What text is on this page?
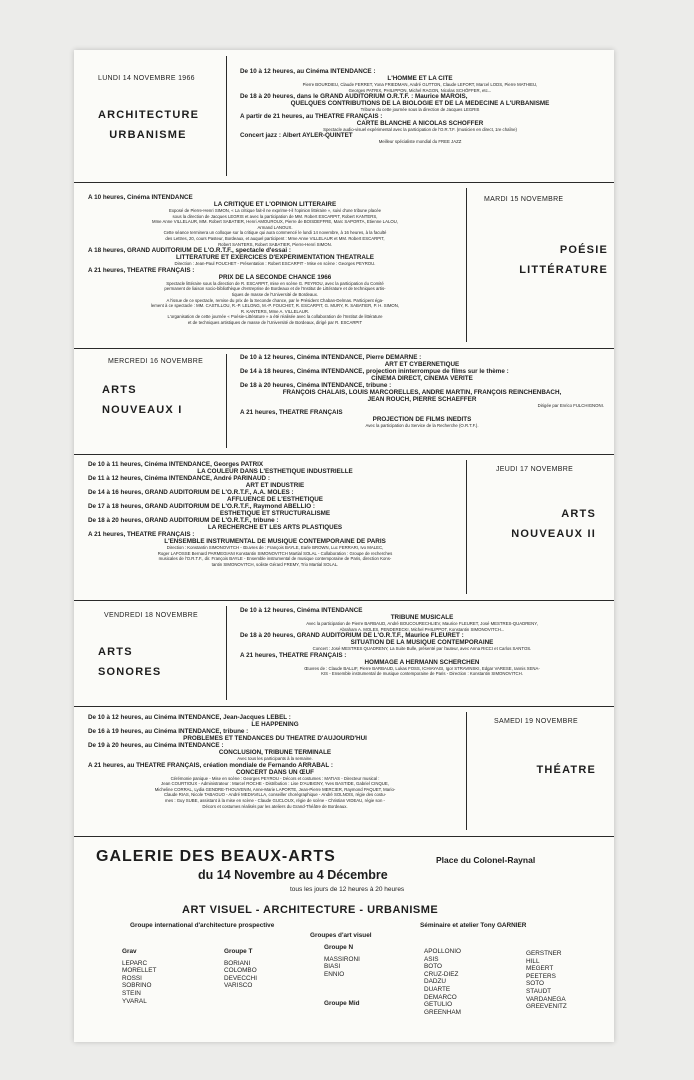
LUNDI 14 NOVEMBRE 1966
ARCHITECTURE
URBANISME
De 10 à 12 heures, au Cinéma INTENDANCE :
L'HOMME ET LA CITE
Pierre BOURDIEU, Claude FERRET, Yona FRIEDMAN, André GUTTON, Claude LEFORT, Marcel LODS, Pierre MATHIEU,
Georges PATRIX, PHILIPPON, Michel RAGON, Nicolas SCHÖFFER, etc...
De 18 à 20 heures, dans le GRAND AUDITORIUM O.R.T.F. : Maurice MAROIS,
QUELQUES CONTRIBUTIONS DE LA BIOLOGIE ET DE LA MEDECINE A L'URBANISME
Tribune du cette journée sous la direction de Jacques LEGRIS
A partir de 21 heures, au THEATRE FRANÇAIS :
CARTE BLANCHE A NICOLAS SCHÖFFER
Spectacle audio-visuel expérimental avec la participation de l'O.R.T.F. (musicien en direct, 1re chaîne)
Concert jazz : Albert AYLER-QUINTET
Meilleur spécialiste mondial du FREE JAZZ
A 10 heures, Cinéma INTENDANCE
LA CRITIQUE ET L'OPINION LITTERAIRE
Exposé de Pierre-Henri SIMON, « La critique fait-il ne exprime-t-il l'opinion littéraire », suivi d'une tribune placée
sous la direction de Jacques LEGRIS et avec la participation de MM. Robert ESCARPIT, Robert KANTERS,
Mme Anne VILLELAUR, MM. Robert SABATIER, Henri AMOUROUX, Pierre de BOISDEFFRE, Marc SAPORTA, Etienne LALOU,
Armand LANOUX.
Cette séance terminera un colloque sur la critique qui aura commencé le lundi 14 novembre, à 16 heures, à la faculté
des Lettres, 20, cours Pasteur, Bordeaux, et auquel participent : Mme Anne VILLELAUR et MM. Robert ESCARPIT,
Robert SANTERS, Robert SABATIER, Pierre-Henri SIMON.
A 18 heures, GRAND AUDITORIUM DE L'O.R.T.F., spectacle d'essai :
LITTÉRATURE ET EXERCICES D'EXPÉRIMENTATION THÉATRALE
Direction : Jean-Paul FOUCHET - Présentation : Robert ESCARPIT - Mise en scène : Georges PEYROU.
A 21 heures, THEATRE FRANÇAIS :
PRIX DE LA SECONDE CHANCE 1966
Spectacle littéraire sous la direction de R. ESCARPIT, mise en scène G. PEYROU, avec la participation du Comité
permanent de liaison socio-bibliothèque d'entreprise de Bordeaux et de l'Institut de Littérature et de techniques artis-
tiques de masse de l'Université de Bordeaux.
A l'issue de ce spectacle, remise du prix de la Seconde chance, par le Président Chaban-Delmas. Participent éga-
lement à ce spectacle : MM. CASTILLOU, R.-P. LELONG, M.-P. FOUCHET, R. ESCARPIT, G. MURY, R. SABATIER, P. H. SIMON,
R. KANTERS, Mme A. VILLELAUR.
L'organisation de cette journée « Poésie-Littérature » a été réalisée avec la collaboration de l'Institut de littérature
et de techniques artistiques de masse de l'Université de Bordeaux, dirigé par R. ESCARPIT
MARDI 15 NOVEMBRE
POÉSIE
LITTÉRATURE
MERCREDI 16 NOVEMBRE
ARTS
NOUVEAUX I
De 10 à 12 heures, Cinéma INTENDANCE, Pierre DEMARNE :
ART ET CYBERNETIQUE
De 14 à 18 heures, Cinéma INTENDANCE, projection ininterrompue de films sur le thème :
CINEMA DIRECT, CINEMA VERITE
De 18 à 20 heures, Cinéma INTENDANCE, tribune :
FRANÇOIS CHALAIS, LOUIS MARCORELLES, ANDRE MARTIN, FRANÇOIS REINCHENBACH,
JEAN ROUCH, PIERRE SCHAEFFER
Dirigée par Enrico FULCHIGNONI.
A 21 heures, THEATRE FRANÇAIS
PROJECTION DE FILMS INEDITS
Avec la participation du Service de la Recherche (O.R.T.F.).
De 10 à 11 heures, Cinéma INTENDANCE, Georges PATRIX
LA COULEUR DANS L'ESTHETIQUE INDUSTRIELLE
De 11 à 12 heures, Cinéma INTENDANCE, André PARINAUD :
ART ET INDUSTRIE
De 14 à 16 heures, GRAND AUDITORIUM DE L'O.R.T.F., A.A. MOLES :
AFFLUENCE DE L'ESTHETIQUE
De 17 à 18 heures, GRAND AUDITORIUM DE L'O.R.T.F., Raymond ABELLIO :
ESTHETIQUE ET STRUCTURALISME
De 18 à 20 heures, GRAND AUDITORIUM DE L'O.R.T.F., tribune :
LA RECHERCHE ET LES ARTS PLASTIQUES
A 21 heures, THEATRE FRANÇAIS :
L'ENSEMBLE INSTRUMENTAL DE MUSIQUE CONTEMPORAINE DE PARIS
Direction : Konstantin SIMONOVITCH - Œuvres de : François BAYLE, Earle BROWN, Luc FERRARI, Ivo MALEC,
Roger LAFOSSE Bernard PARMEGIANI Konstantin SIMONOVITCH Martial SOLAL - Collaboration : Groupe de recherches
musicales de l'O.R.T.F., dir. François BAYLE - Ensemble instrumental de musique contemporaine de Paris, direction Kons-
tantin SIMONOVITCH, soliste Gérard FREMY, Trio Martial SOLAL.
JEUDI 17 NOVEMBRE
ARTS
NOUVEAUX II
VENDREDI 18 NOVEMBRE
ARTS
SONORES
De 10 à 12 heures, Cinéma INTENDANCE
TRIBUNE MUSICALE
Avec la participation de Pierre BARBAUD, André BOUCOURECHLIEV, Maurice FLEURET, José MESTRES-QUADRENY,
Abraham A. MOLES, PENDERECKI, Michel PHILIPPOT, Konstantin SIMONOVITCH...
De 18 à 20 heures, GRAND AUDITORIUM DE L'O.R.T.F., Maurice FLEURET :
SITUATION DE LA MUSIQUE CONTEMPORAINE
Concert : José MESTRES QUADRENY, La Suite Bulle, présenté par l'auteur, avec Anna RICCI et Carlos SANTOS.
A 21 heures, THEATRE FRANÇAIS :
HOMMAGE A HERMANN SCHERCHEN
Œuvres de : Claude BALLIF, Pierre BARBAUD, Lukas FOSS, ICHIAYAGI, Igor STRAVINSKI, Edgar VARESE, Iannis XENA-
KIS - Ensemble instrumental de musique contemporaine de Paris - Direction : Konstantin SIMONOVITCH.
De 10 à 12 heures, au Cinéma INTENDANCE, Jean-Jacques LEBEL :
LE HAPPENING
De 16 à 19 heures, au Cinéma INTENDANCE, tribune :
PROBLEMES ET TENDANCES DU THEATRE D'AUJOURD'HUI
De 19 à 20 heures, au Cinéma INTENDANCE :
CONCLUSION, TRIBUNE TERMINALE
Avec tous les participants à la semaine.
A 21 heures, au THEATRE FRANÇAIS, création mondiale de Fernando ARRABAL :
CONCERT DANS UN ŒUF
Cérémonie panique - Mise en scène : Georges PEYROU - Décors et costumes : MATIAS - Directeur musical :
Jean COURTIOUX - Administrateur : Marcel ROCHE - Distribution : Lise D'AUBIGNY, Yves BASTIDE, Gabriel CINQUE,
Micheline CORRAL, Lydia GENDRE-THOUVENIN, Anne-Marie LAPORTE, Jean-Pierre MERCIER, Raymond PAQUET, Mario-
Claude RIAS, Nicole TABAGUO - André MEDIAVILLA, conseiller chorégraphique - André SOLNOIS, régie des costu-
mes : Guy SUBE, assistant à la mise en scène - Claude GUCLOUX, régie de scène - Christian VIDEAU, régie son -
Décors et costumes réalisés par les ateliers du Grand-Théâtre de Bordeaux.
SAMEDI 19 NOVEMBRE
THÉATRE
GALERIE DES BEAUX-ARTS	Place du Colonel-Raynal
du 14 Novembre au 4 Décembre
tous les jours de 12 heures à 20 heures
ART VISUEL - ARCHITECTURE - URBANISME
Groupe international d'architecture prospective	Séminaire et atelier Tony GARNIER
Groupes d'art visuel
Grav
LEPARC
MORELLET
ROSSI
SOBRINO
STEIN
YVARAL
Groupe T
BORIANI
COLOMBO
DEVECCHI
VARISCO
Groupe N
MASSIRONI
BIASI
ENNIO
Groupe Mid
APOLLONIO
ASIS
BOTO
CRUZ-DIEZ
DADZU
DUARTE
DEMARCO
GETULIO
GREENHAM
GERSTNER
HILL
MEGERT
PEETERS
SOTO
STAUDT
VARDANEGA
GREEVENITZ
